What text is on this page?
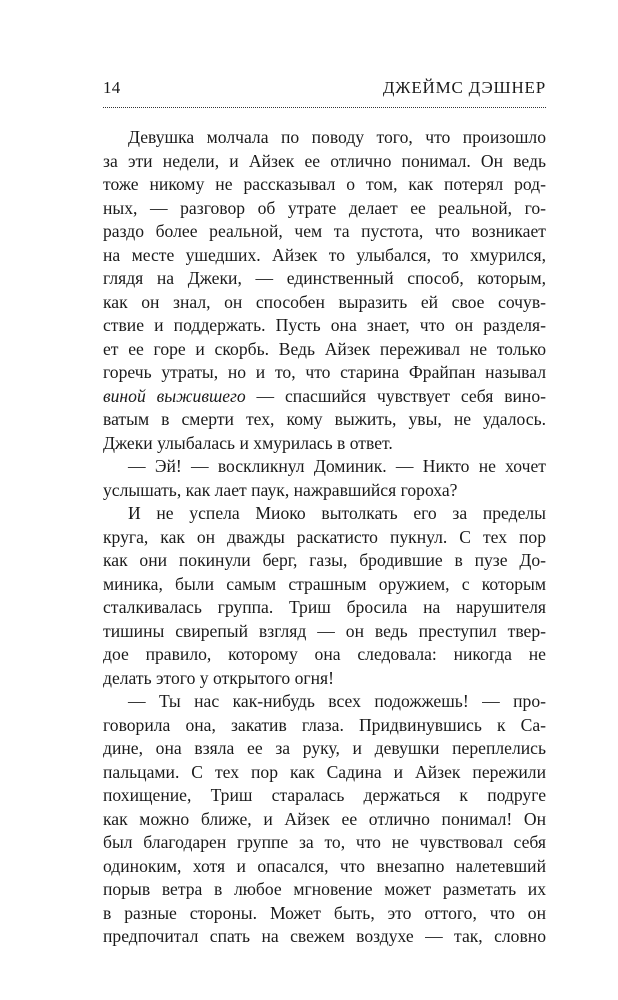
14	ДЖЕЙМС ДЭШНЕР
Девушка молчала по поводу того, что произошло
за эти недели, и Айзек ее отлично понимал. Он ведь
тоже никому не рассказывал о том, как потерял род-
ных, — разговор об утрате делает ее реальной, го-
раздо более реальной, чем та пустота, что возникает
на месте ушедших. Айзек то улыбался, то хмурился,
глядя на Джеки, — единственный способ, которым,
как он знал, он способен выразить ей свое сочув-
ствие и поддержать. Пусть она знает, что он разделя-
ет ее горе и скорбь. Ведь Айзек переживал не только
горечь утраты, но и то, что старина Фрайпан называл
виной выжившего — спасшийся чувствует себя вино-
ватым в смерти тех, кому выжить, увы, не удалось.
Джеки улыбалась и хмурилась в ответ.
— Эй! — воскликнул Доминик. — Никто не хочет
услышать, как лает паук, нажравшийся гороха?
И не успела Миоко вытолкать его за пределы
круга, как он дважды раскатисто пукнул. С тех пор
как они покинули берг, газы, бродившие в пузе До-
миника, были самым страшным оружием, с которым
сталкивалась группа. Триш бросила на нарушителя
тишины свирепый взгляд — он ведь преступил твер-
дое правило, которому она следовала: никогда не
делать этого у открытого огня!
— Ты нас как-нибудь всех подожжешь! — про-
говорила она, закатив глаза. Придвинувшись к Са-
дине, она взяла ее за руку, и девушки переплелись
пальцами. С тех пор как Садина и Айзек пережили
похищение, Триш старалась держаться к подруге
как можно ближе, и Айзек ее отлично понимал! Он
был благодарен группе за то, что не чувствовал себя
одиноким, хотя и опасался, что внезапно налетевший
порыв ветра в любое мгновение может разметать их
в разные стороны. Может быть, это оттого, что он
предпочитал спать на свежем воздухе — так, словно
